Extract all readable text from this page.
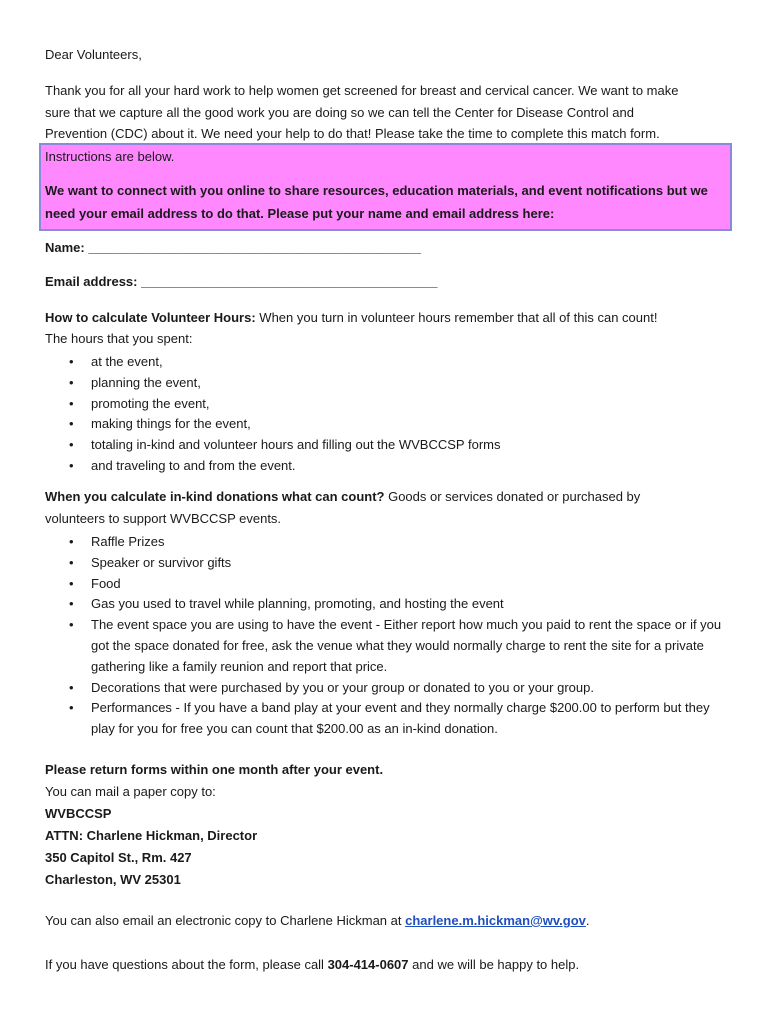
Dear Volunteers,
Thank you for all your hard work to help women get screened for breast and cervical cancer. We want to make
sure that we capture all the good work you are doing so we can tell the Center for Disease Control and
Prevention (CDC) about it. We need your help to do that! Please take the time to complete this match form.
Instructions are below.
We want to connect with you online to share resources, education materials, and event notifications but we
need your email address to do that. Please put your name and email address here:
Name: ______________________________________________
Email address: _________________________________________
How to calculate Volunteer Hours: When you turn in volunteer hours remember that all of this can count!
The hours that you spent:
• at the event,
• planning the event,
• promoting the event,
• making things for the event,
• totaling in-kind and volunteer hours and filling out the WVBCCSP forms
• and traveling to and from the event.
When you calculate in-kind donations what can count? Goods or services donated or purchased by
volunteers to support WVBCCSP events.
• Raffle Prizes
• Speaker or survivor gifts
• Food
• Gas you used to travel while planning, promoting, and hosting the event
• The event space you are using to have the event - Either report how much you paid to rent the space or if you got the space donated for free, ask the venue what they would normally charge to rent the site for a private gathering like a family reunion and report that price.
• Decorations that were purchased by you or your group or donated to you or your group.
• Performances - If you have a band play at your event and they normally charge $200.00 to perform but they play for you for free you can count that $200.00 as an in-kind donation.
Please return forms within one month after your event.
You can mail a paper copy to:
WVBCCSP
ATTN: Charlene Hickman, Director
350 Capitol St., Rm. 427
Charleston, WV 25301
You can also email an electronic copy to Charlene Hickman at charlene.m.hickman@wv.gov.
If you have questions about the form, please call 304-414-0607 and we will be happy to help.
